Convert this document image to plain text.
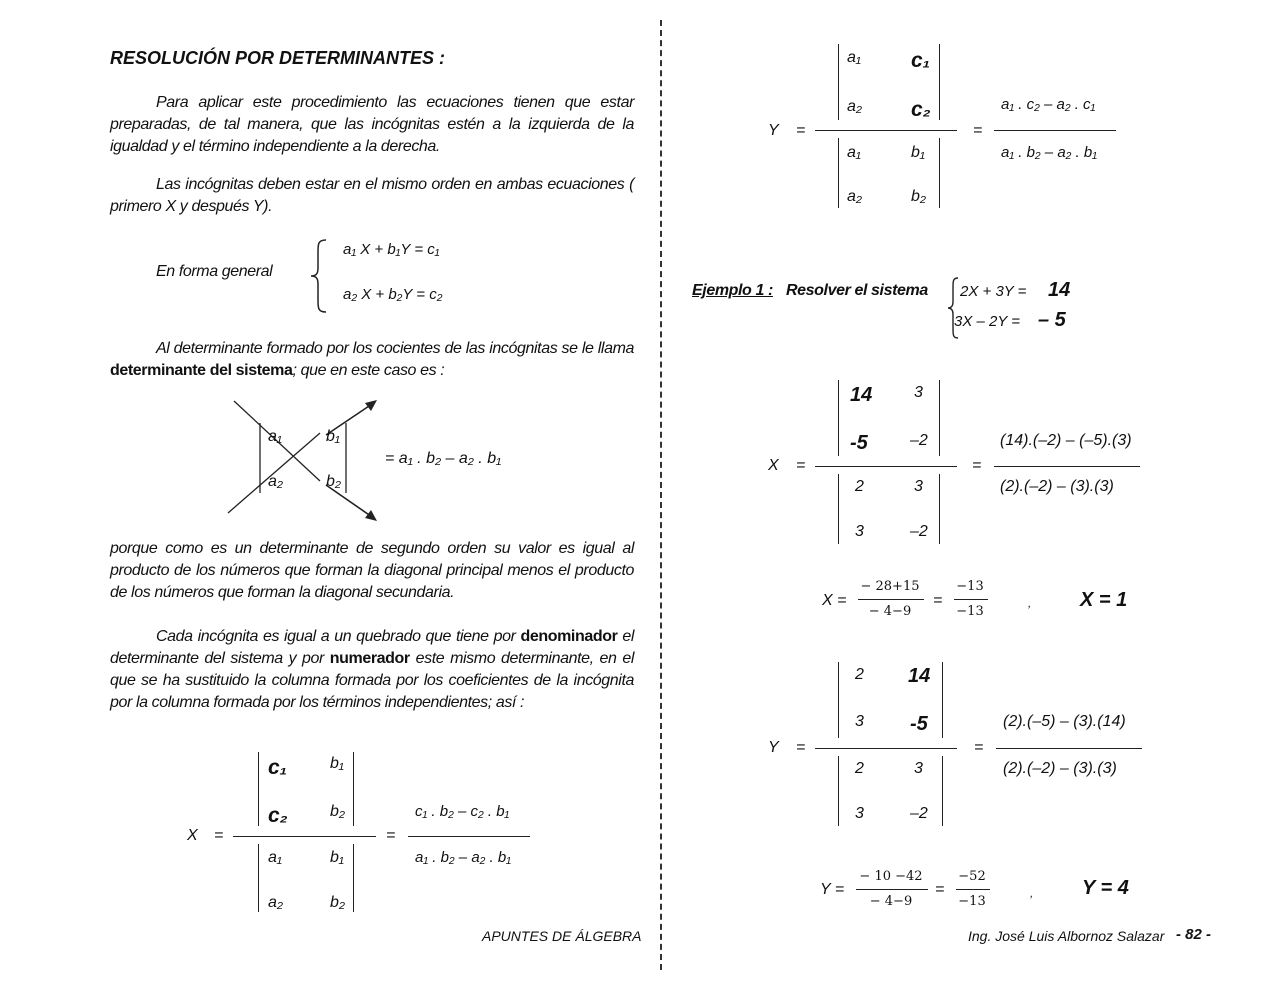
RESOLUCIÓN POR DETERMINANTES :
Para aplicar este procedimiento las ecuaciones tienen que estar preparadas, de tal manera, que las incógnitas estén a la izquierda de la igualdad y el término independiente a la derecha.
Las incógnitas deben estar en el mismo orden en ambas ecuaciones ( primero X y después Y).
En forma general
a₁ X + b₁Y = c₁
a₂ X + b₂Y = c₂
Al determinante formado por los cocientes de las incógnitas se le llama determinante del sistema; que en este caso es :
a₁	b₁
a₂	b₂
= a₁ . b₂ – a₂ . b₁
porque como es un determinante de segundo orden su valor es igual al producto de los números que forman la diagonal principal menos el producto de los números que forman la diagonal secundaria.
Cada incógnita es igual a un quebrado que tiene por denominador el determinante del sistema y por numerador este mismo determinante, en el que se ha sustituido la columna formada por los coeficientes de la incógnita por la columna formada por los términos independientes; así :
X =
c₁	b₁
c₂	b₂
a₁	b₁
a₂	b₂
=
c₁ . b₂ – c₂ . b₁
a₁ . b₂ – a₂ . b₁
APUNTES DE ÁLGEBRA
Y =
a₁ c₁
a₂ c₂
a₁	b₁
a₂	b₂
=
a₁ . c₂ – a₂ . c₁
a₁ . b₂ – a₂ . b₁
Ejemplo 1 : Resolver el sistema 2X + 3Y = 14
3X – 2Y = – 5
X =
14	3
-5	–2
2	3
3	–2
=
(14).(–2) – (–5).(3)
(2).(–2) – (3).(3)
X =
− 28+15
− 4−9
=
−13
−13
, X = 1
Y =
2 14
3 -5
2	3
3	–2
=
(2).(–5) – (3).(14)
(2).(–2) – (3).(3)
Y =
− 10 −42
− 4−9
=
−52
−13
, Y = 4
Ing. José Luis Albornoz Salazar - 82 -
